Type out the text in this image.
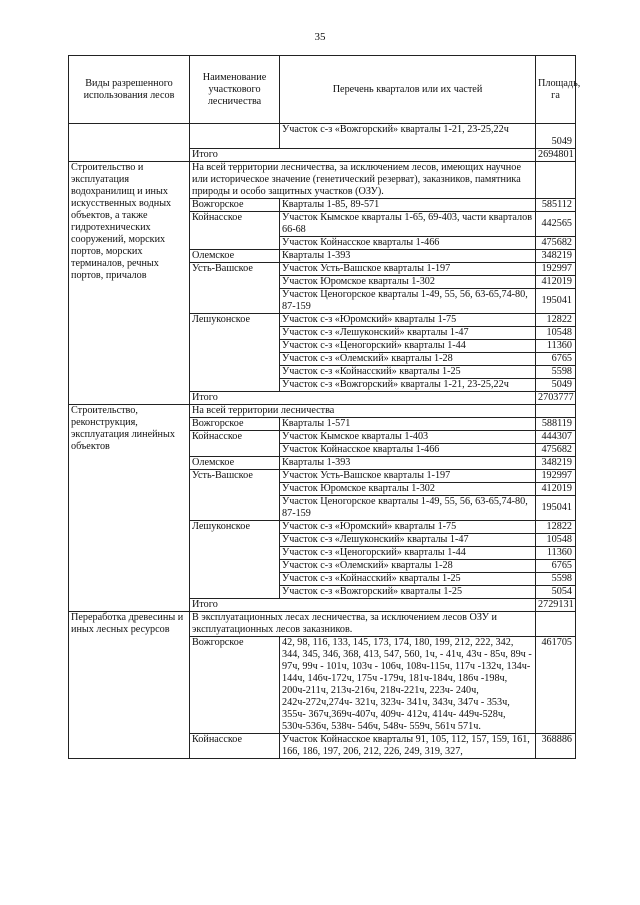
35
Виды разрешенного использования лесов	Наименование участкового лесничества	Перечень кварталов или их частей	Площадь, га
		Участок с-з «Вожгорский» кварталы 1-21, 23-25,22ч	5049
	Итого		2694801
Строительство и эксплуатация водохранилищ и иных искусственных водных объектов, а также гидротехнических сооружений, морских портов, морских терминалов, речных портов, причалов	На всей территории лесничества, за исключением лесов, имеющих научное или историческое значение (генетический резерват), заказников, памятника природы и особо защитных участков (ОЗУ).		
	Вожгорское	Кварталы 1-85, 89-571	585112
	Койнасское	Участок Кымское кварталы 1-65, 69-403, части кварталов 66-68	442565
		Участок Койнасское кварталы 1-466	475682
	Олемское	Кварталы 1-393	348219
	Усть-Вашское	Участок Усть-Вашское кварталы 1-197	192997
		Участок Юромское кварталы 1-302	412019
		Участок Ценогорское кварталы 1-49, 55, 56, 63-65,74-80, 87-159	195041
	Лешуконское	Участок с-з «Юромский» кварталы 1-75	12822
		Участок с-з «Лешуконский» кварталы 1-47	10548
		Участок с-з «Ценогорский» кварталы 1-44	11360
		Участок с-з «Олемский» кварталы 1-28	6765
		Участок с-з «Койнасский» кварталы 1-25	5598
		Участок с-з «Вожгорский» кварталы 1-21, 23-25,22ч	5049
	Итого		2703777
Строительство, реконструкция, эксплуатация линейных объектов	На всей территории лесничества		
	Вожгорское	Кварталы 1-571	588119
	Койнасское	Участок Кымское кварталы 1-403	444307
		Участок Койнасское кварталы 1-466	475682
	Олемское	Кварталы 1-393	348219
	Усть-Вашское	Участок Усть-Вашское кварталы 1-197	192997
		Участок Юромское кварталы 1-302	412019
		Участок Ценогорское кварталы 1-49, 55, 56, 63-65,74-80, 87-159	195041
	Лешуконское	Участок с-з «Юромский» кварталы 1-75	12822
		Участок с-з «Лешуконский» кварталы 1-47	10548
		Участок с-з «Ценогорский» кварталы 1-44	11360
		Участок с-з «Олемский» кварталы 1-28	6765
		Участок с-з «Койнасский» кварталы 1-25	5598
		Участок с-з «Вожгорский» кварталы 1-25	5054
	Итого		2729131
Переработка древесины и иных лесных ресурсов	В эксплуатационных лесах лесничества, за исключением лесов ОЗУ и эксплуатационных лесов заказников.		
	Вожгорское	42, 98, 116, 133, 145, 173, 174, 180, 199, 212, 222, 342, 344, 345, 346, 368, 413, 547, 560, 1ч, - 41ч, 43ч - 85ч, 89ч - 97ч, 99ч - 101ч, 103ч - 106ч, 108ч-115ч, 117ч -132ч, 134ч- 144ч, 146ч-172ч, 175ч -179ч, 181ч-184ч, 186ч -198ч, 200ч-211ч, 213ч-216ч, 218ч-221ч, 223ч- 240ч, 242ч-272ч,274ч- 321ч, 323ч- 341ч, 343ч, 347ч - 353ч, 355ч- 367ч,369ч-407ч, 409ч- 412ч, 414ч- 449ч-528ч, 530ч-536ч, 538ч- 546ч, 548ч- 559ч, 561ч 571ч.	461705
	Койнасское	Участок Койнасское кварталы 91, 105, 112, 157, 159, 161, 166, 186, 197, 206, 212, 226, 249, 319, 327,	368886
